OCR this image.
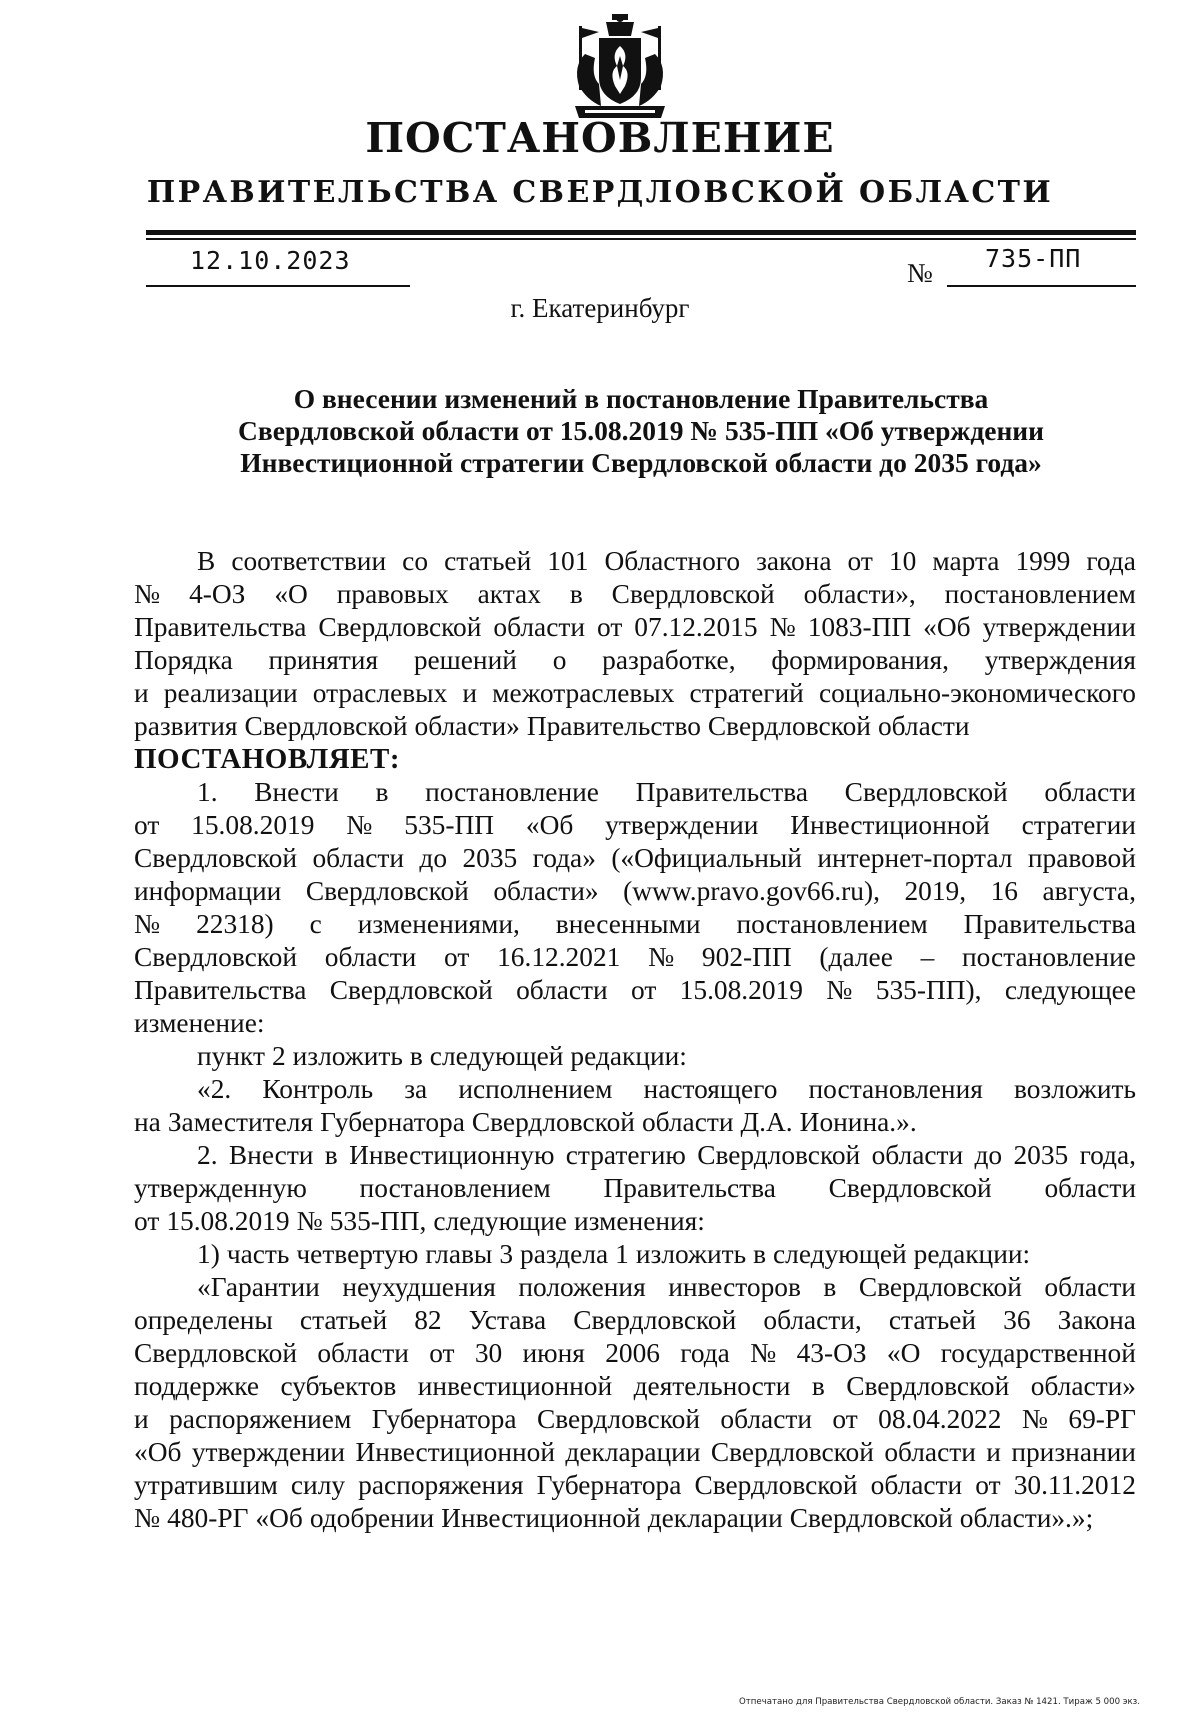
ПОСТАНОВЛЕНИЕ
ПРАВИТЕЛЬСТВА СВЕРДЛОВСКОЙ ОБЛАСТИ
12.10.2023	№ 735-ПП
г. Екатеринбург
О внесении изменений в постановление Правительства
Свердловской области от 15.08.2019 № 535-ПП «Об утверждении
Инвестиционной стратегии Свердловской области до 2035 года»
В соответствии со статьей 101 Областного закона от 10 марта 1999 года
№ 4-ОЗ «О правовых актах в Свердловской области», постановлением
Правительства Свердловской области от 07.12.2015 № 1083-ПП «Об утверждении
Порядка принятия решений о разработке, формирования, утверждения
и реализации отраслевых и межотраслевых стратегий социально-экономического
развития Свердловской области» Правительство Свердловской области
ПОСТАНОВЛЯЕТ:
1. Внести в постановление Правительства Свердловской области
от 15.08.2019 № 535-ПП «Об утверждении Инвестиционной стратегии
Свердловской области до 2035 года» («Официальный интернет-портал правовой
информации Свердловской области» (www.pravo.gov66.ru), 2019, 16 августа,
№ 22318) с изменениями, внесенными постановлением Правительства
Свердловской области от 16.12.2021 № 902-ПП (далее – постановление
Правительства Свердловской области от 15.08.2019 № 535-ПП), следующее
изменение:
пункт 2 изложить в следующей редакции:
«2. Контроль за исполнением настоящего постановления возложить
на Заместителя Губернатора Свердловской области Д.А. Ионина.».
2. Внести в Инвестиционную стратегию Свердловской области до 2035 года,
утвержденную постановлением Правительства Свердловской области
от 15.08.2019 № 535-ПП, следующие изменения:
1) часть четвертую главы 3 раздела 1 изложить в следующей редакции:
«Гарантии неухудшения положения инвесторов в Свердловской области
определены статьей 82 Устава Свердловской области, статьей 36 Закона
Свердловской области от 30 июня 2006 года № 43-ОЗ «О государственной
поддержке субъектов инвестиционной деятельности в Свердловской области»
и распоряжением Губернатора Свердловской области от 08.04.2022 № 69-РГ
«Об утверждении Инвестиционной декларации Свердловской области и признании
утратившим силу распоряжения Губернатора Свердловской области от 30.11.2012
№ 480-РГ «Об одобрении Инвестиционной декларации Свердловской области».»;
Отпечатано для Правительства Свердловской области. Заказ № 1421. Тираж 5 000 экз.
